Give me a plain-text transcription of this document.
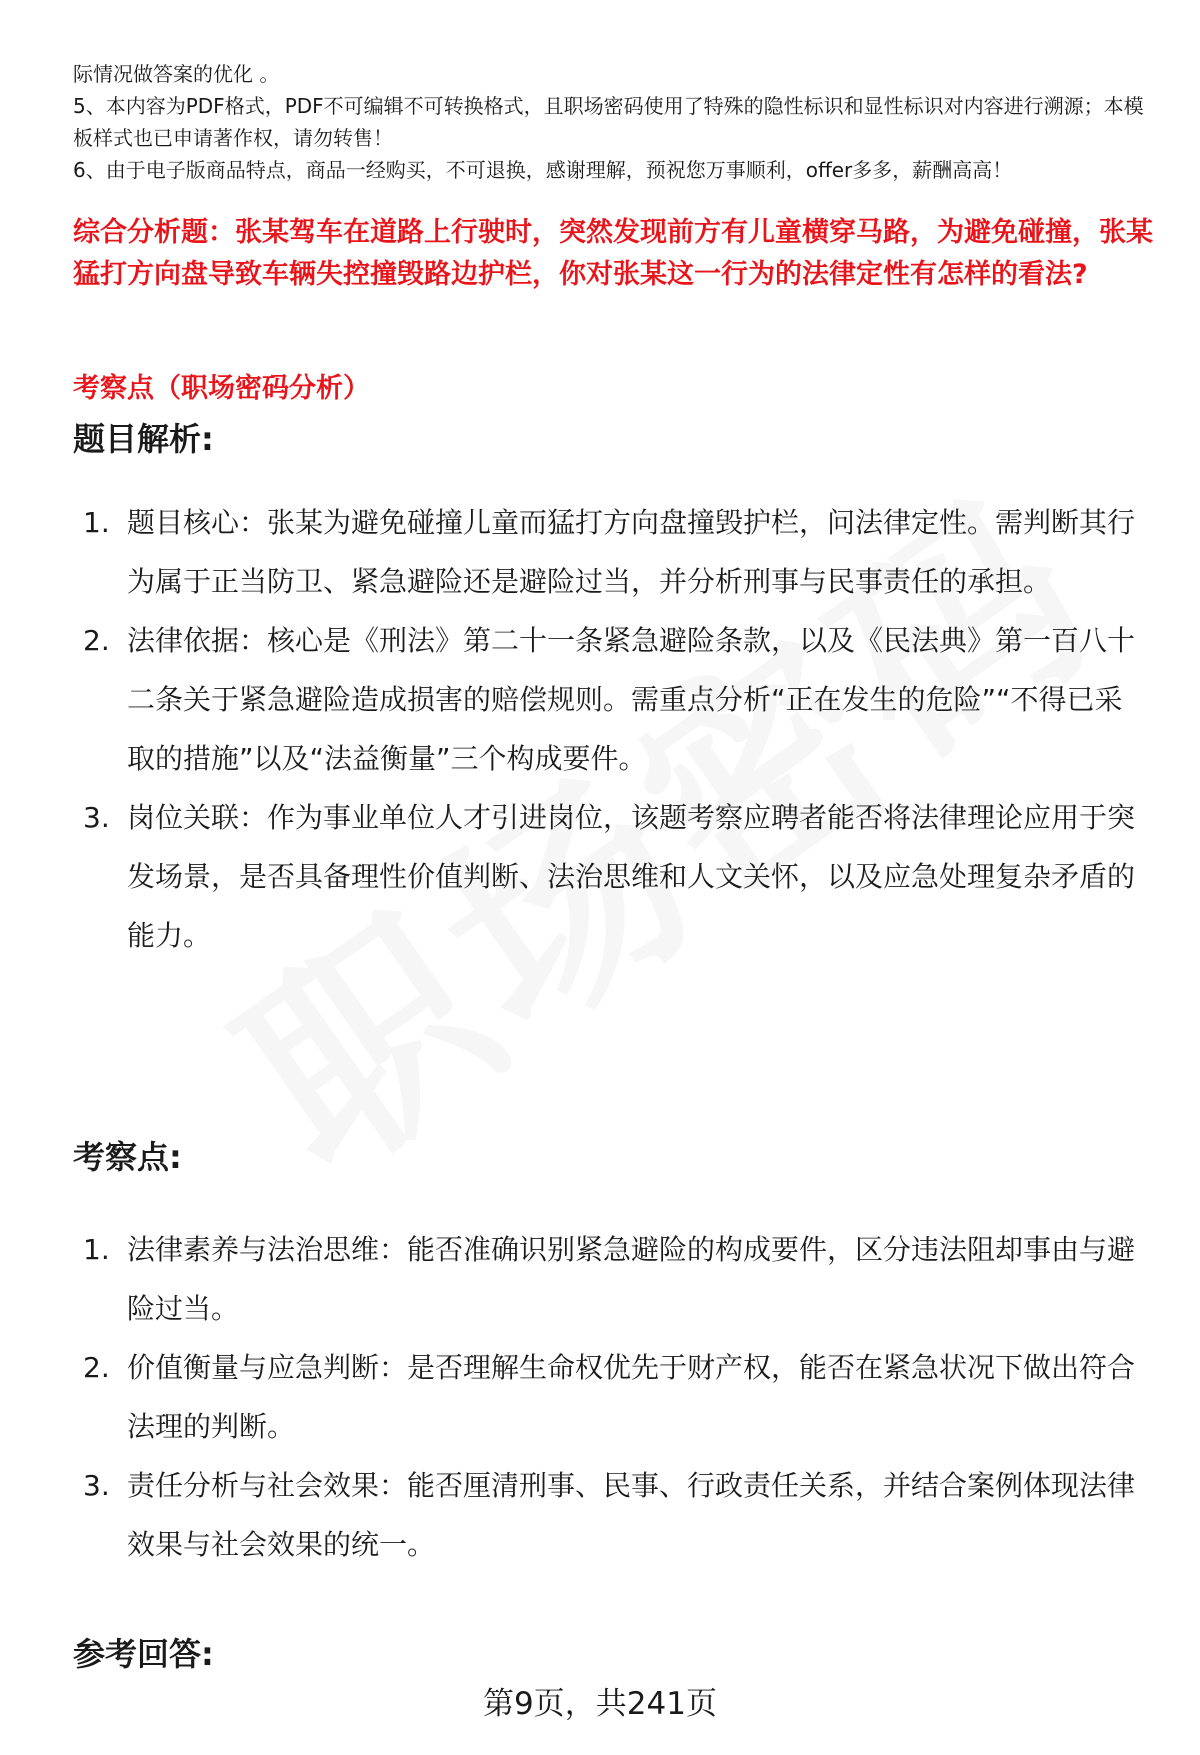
际情况做答案的优化 。

5、本内容为PDF格式，PDF不可编辑不可转换格式，且职场密码使用了特殊的隐性标识和显性标识对内容进行溯源；本模板样式也已申请著作权，请勿转售！

6、由于电子版商品特点，商品一经购买，不可退换，感谢理解，预祝您万事顺利，offer多多，薪酬高高！

综合分析题：张某驾车在道路上行驶时，突然发现前方有儿童横穿马路，为避免碰撞，张某猛打方向盘导致车辆失控撞毁路边护栏，你对张某这一行为的法律定性有怎样的看法?
考察点（职场密码分析）
题目解析:
1. 题目核心：张某为避免碰撞儿童而猛打方向盘撞毁护栏，问法律定性。需判断其行为属于正当防卫、紧急避险还是避险过当，并分析刑事与民事责任的承担。
2. 法律依据：核心是《刑法》第二十一条紧急避险条款，以及《民法典》第一百八十二条关于紧急避险造成损害的赔偿规则。需重点分析“正在发生的危险”“不得已采取的措施”以及“法益衡量”三个构成要件。
3. 岗位关联：作为事业单位人才引进岗位，该题考察应聘者能否将法律理论应用于突发场景，是否具备理性价值判断、法治思维和人文关怀，以及应急处理复杂矛盾的能力。
考察点:
1. 法律素养与法治思维：能否准确识别紧急避险的构成要件，区分违法阻却事由与避险过当。
2. 价值衡量与应急判断：是否理解生命权优先于财产权，能否在紧急状况下做出符合法理的判断。
3. 责任分析与社会效果：能否厘清刑事、民事、行政责任关系，并结合案例体现法律效果与社会效果的统一。
参考回答:
第9页，共241页
